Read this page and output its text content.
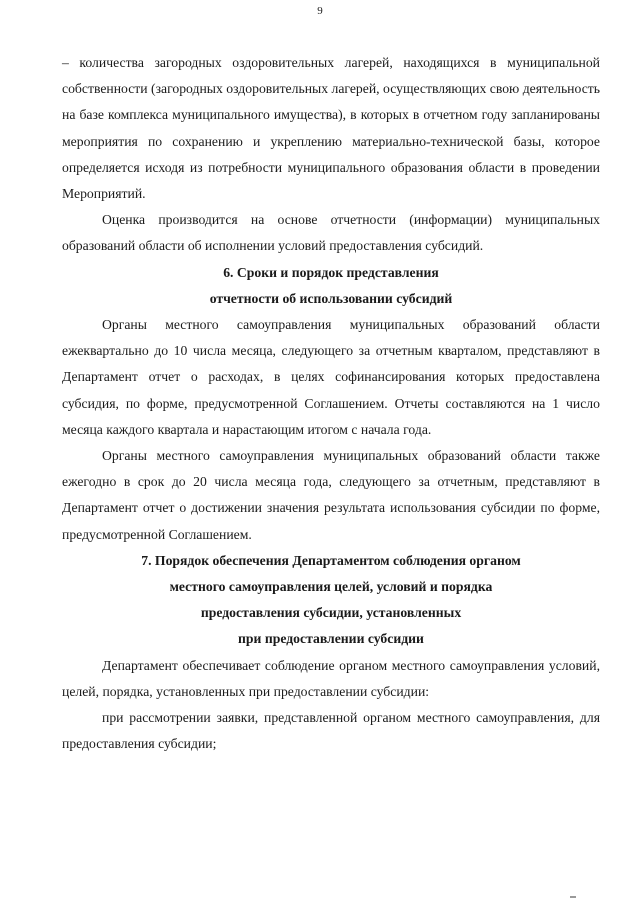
9

– количества загородных оздоровительных лагерей, находящихся в муниципальной собственности (загородных оздоровительных лагерей, осуществляющих свою деятельность на базе комплекса муниципального имущества), в которых в отчетном году запланированы мероприятия по сохранению и укреплению материально-технической базы, которое определяется исходя из потребности муниципального образования области в проведении Мероприятий.

Оценка производится на основе отчетности (информации) муниципальных образований области об исполнении условий предоставления субсидий.

6. Сроки и порядок представления
отчетности об использовании субсидий

Органы местного самоуправления муниципальных образований области ежеквартально до 10 числа месяца, следующего за отчетным кварталом, представляют в Департамент отчет о расходах, в целях софинансирования которых предоставлена субсидия, по форме, предусмотренной Соглашением. Отчеты составляются на 1 число месяца каждого квартала и нарастающим итогом с начала года.

Органы местного самоуправления муниципальных образований области также ежегодно в срок до 20 числа месяца года, следующего за отчетным, представляют в Департамент отчет о достижении значения результата использования субсидии по форме, предусмотренной Соглашением.

7. Порядок обеспечения Департаментом соблюдения органом
местного самоуправления целей, условий и порядка
предоставления субсидии, установленных
при предоставлении субсидии

Департамент обеспечивает соблюдение органом местного самоуправления условий, целей, порядка, установленных при предоставлении субсидии:

при рассмотрении заявки, представленной органом местного самоуправления, для предоставления субсидии;
